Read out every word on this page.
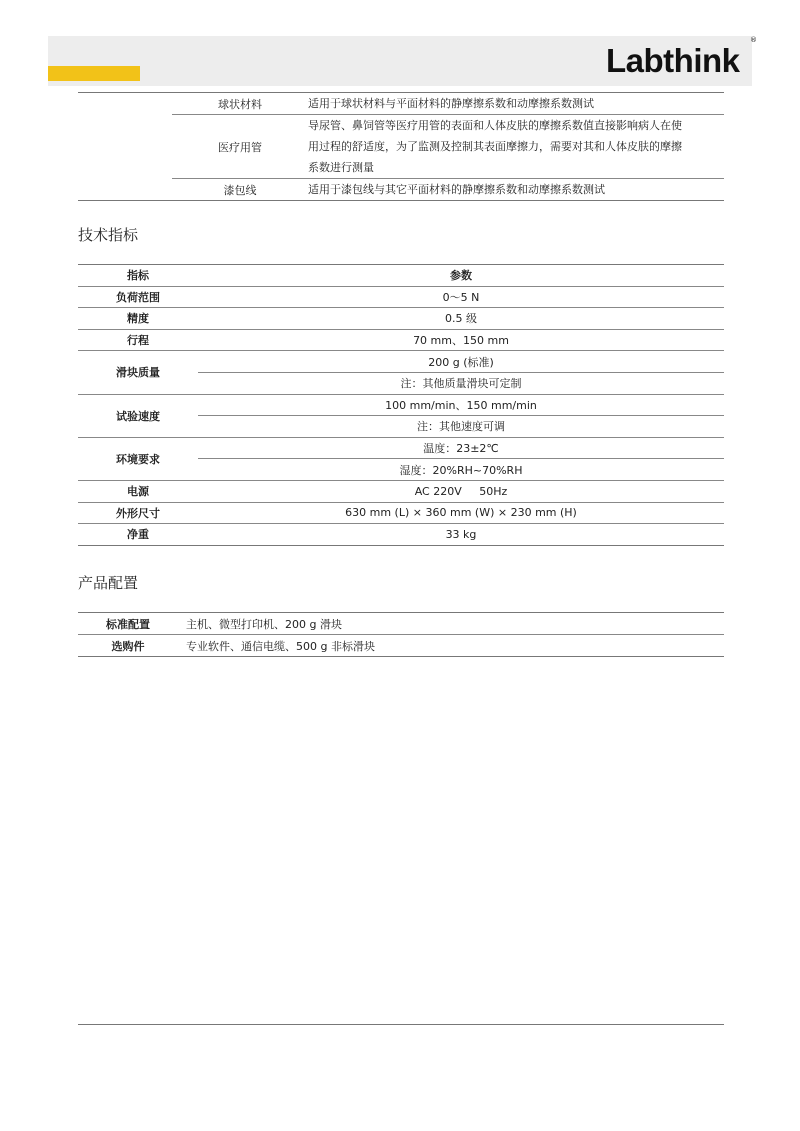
Labthink
®
	球状材料	适用于球状材料与平面材料的静摩擦系数和动摩擦系数测试
	医疗用管	导尿管、鼻饲管等医疗用管的表面和人体皮肤的摩擦系数值直接影响病人在使
用过程的舒适度，为了监测及控制其表面摩擦力，需要对其和人体皮肤的摩擦
系数进行测量
	漆包线	适用于漆包线与其它平面材料的静摩擦系数和动摩擦系数测试
技术指标
指标	参数
负荷范围	0～5 N
精度	0.5 级
行程	70 mm、150 mm
滑块质量	200 g (标准)
	注：其他质量滑块可定制
试验速度	100 mm/min、150 mm/min
	注：其他速度可调
环境要求	温度：23±2℃
	湿度：20%RH~70%RH
电源	AC 220V     50Hz
外形尺寸	630 mm (L) × 360 mm (W) × 230 mm (H)
净重	33 kg
产品配置
标准配置	主机、微型打印机、200 g 滑块
选购件	专业软件、通信电缆、500 g 非标滑块
